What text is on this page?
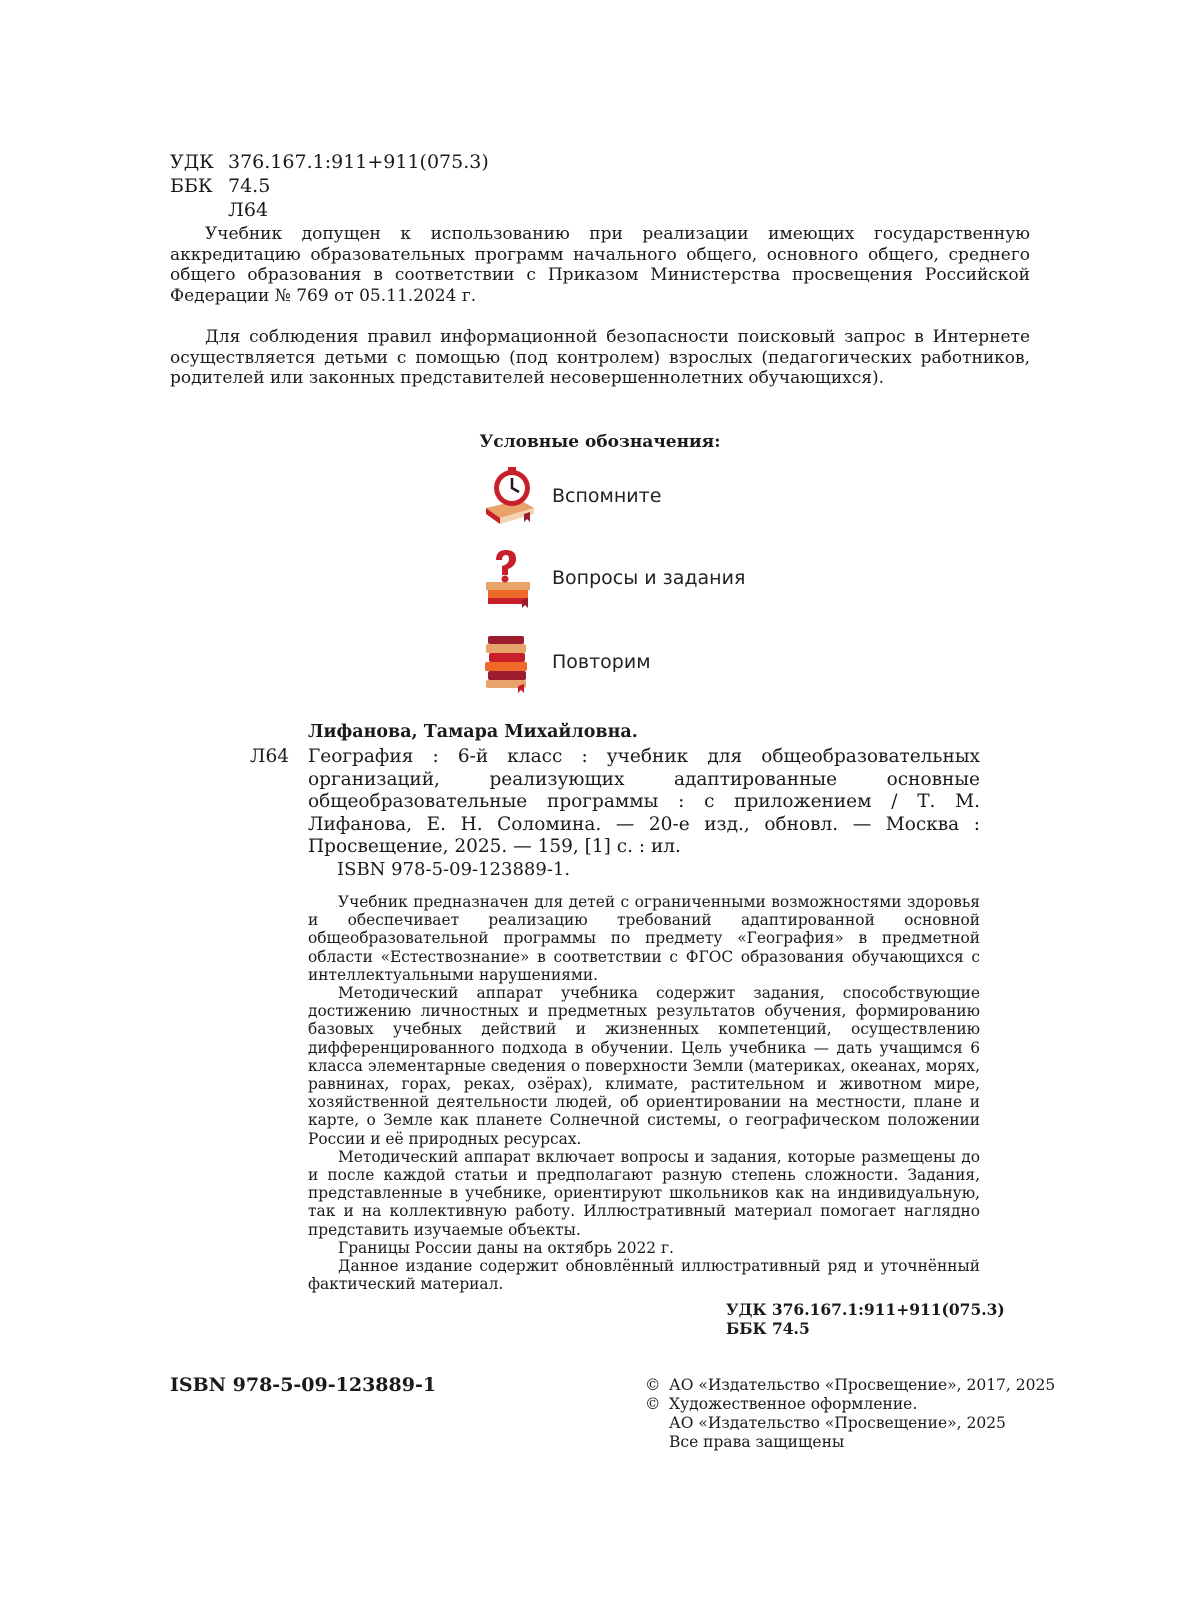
УДК 376.167.1:911+911(075.3)
ББК 74.5
Л64

Учебник допущен к использованию при реализации имеющих государственную аккредитацию образовательных программ начального общего, основного общего, среднего общего образования в соответствии с Приказом Министерства просвещения Российской Федерации № 769 от 05.11.2024 г.

Для соблюдения правил информационной безопасности поисковый запрос в Интернете осуществляется детьми с помощью (под контролем) взрослых (педагогических работников, родителей или законных представителей несовершеннолетних обучающихся).

Условные обозначения:
Вспомните
Вопросы и задания
Повторим
Лифанова, Тамара Михайловна.
Л64 География : 6-й класс : учебник для общеобразовательных организаций, реализующих адаптированные основные общеобразовательные программы : с приложением / Т. М. Лифанова, Е. Н. Соломина. — 20-е изд., обновл. — Москва : Просвещение, 2025. — 159, [1] с. : ил.
ISBN 978-5-09-123889-1.

Учебник предназначен для детей с ограниченными возможностями здоровья и обеспечивает реализацию требований адаптированной основной общеобразовательной программы по предмету «География» в предметной области «Естествознание» в соответствии с ФГОС образования обучающихся с интеллектуальными нарушениями.

Методический аппарат учебника содержит задания, способствующие достижению личностных и предметных результатов обучения, формированию базовых учебных действий и жизненных компетенций, осуществлению дифференцированного подхода в обучении. Цель учебника — дать учащимся 6 класса элементарные сведения о поверхности Земли (материках, океанах, морях, равнинах, горах, реках, озёрах), климате, растительном и животном мире, хозяйственной деятельности людей, об ориентировании на местности, плане и карте, о Земле как планете Солнечной системы, о географическом положении России и её природных ресурсах.

Методический аппарат включает вопросы и задания, которые размещены до и после каждой статьи и предполагают разную степень сложности. Задания, представленные в учебнике, ориентируют школьников как на индивидуальную, так и на коллективную работу. Иллюстративный материал помогает наглядно представить изучаемые объекты.

Границы России даны на октябрь 2022 г.

Данное издание содержит обновлённый иллюстративный ряд и уточнённый фактический материал.

УДК 376.167.1:911+911(075.3)
ББК 74.5
ISBN 978-5-09-123889-1	© АО «Издательство «Просвещение», 2017, 2025
© Художественное оформление.
АО «Издательство «Просвещение», 2025
Все права защищены
